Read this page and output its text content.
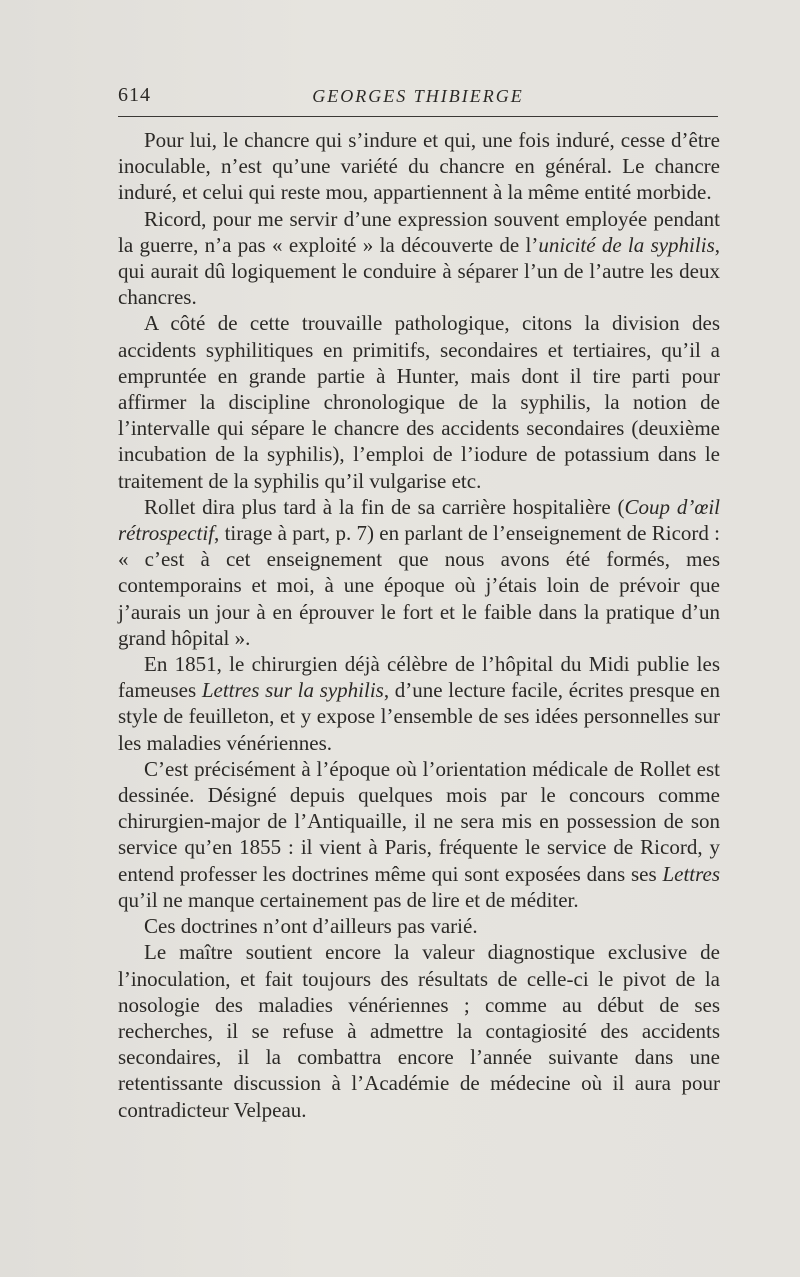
614	GEORGES THIBIERGE

Pour lui, le chancre qui s’indure et qui, une fois induré, cesse d’être inoculable, n’est qu’une variété du chancre en général. Le chancre induré, et celui qui reste mou, appartiennent à la même entité morbide.

Ricord, pour me servir d’une expression souvent employée pendant la guerre, n’a pas « exploité » la découverte de l’unicité de la syphilis, qui aurait dû logiquement le conduire à séparer l’un de l’autre les deux chancres.

A côté de cette trouvaille pathologique, citons la division des accidents syphilitiques en primitifs, secondaires et tertiaires, qu’il a empruntée en grande partie à Hunter, mais dont il tire parti pour affirmer la discipline chronologique de la syphilis, la notion de l’intervalle qui sépare le chancre des accidents secondaires (deuxième incubation de la syphilis), l’emploi de l’iodure de potassium dans le traitement de la syphilis qu’il vulgarise etc.

Rollet dira plus tard à la fin de sa carrière hospitalière (Coup d’œil rétrospectif, tirage à part, p. 7) en parlant de l’enseignement de Ricord : « c’est à cet enseignement que nous avons été formés, mes contemporains et moi, à une époque où j’étais loin de prévoir que j’aurais un jour à en éprouver le fort et le faible dans la pratique d’un grand hôpital ».

En 1851, le chirurgien déjà célèbre de l’hôpital du Midi publie les fameuses Lettres sur la syphilis, d’une lecture facile, écrites presque en style de feuilleton, et y expose l’ensemble de ses idées personnelles sur les maladies vénériennes.

C’est précisément à l’époque où l’orientation médicale de Rollet est dessinée. Désigné depuis quelques mois par le concours comme chirurgien-major de l’Antiquaille, il ne sera mis en possession de son service qu’en 1855 : il vient à Paris, fréquente le service de Ricord, y entend professer les doctrines même qui sont exposées dans ses Lettres qu’il ne manque certainement pas de lire et de méditer.

Ces doctrines n’ont d’ailleurs pas varié.

Le maître soutient encore la valeur diagnostique exclusive de l’inoculation, et fait toujours des résultats de celle-ci le pivot de la nosologie des maladies vénériennes ; comme au début de ses recherches, il se refuse à admettre la contagiosité des accidents secondaires, il la combattra encore l’année suivante dans une retentissante discussion à l’Académie de médecine où il aura pour contradicteur Velpeau.
